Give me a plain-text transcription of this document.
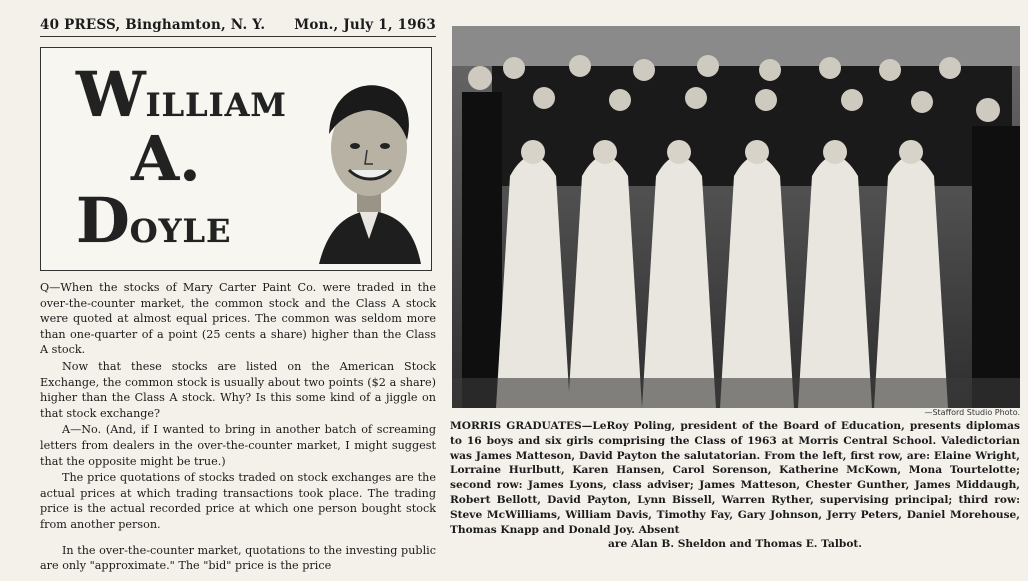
40 PRESS, Binghamton, N. Y. Mon., July 1, 1963
WILLIAM
A.
DOYLE

Q—When the stocks of Mary Carter Paint Co. were traded in the over-the-counter market, the common stock and the Class A stock were quoted at almost equal prices. The common was seldom more than one-quarter of a point (25 cents a share) higher than the Class A stock.

Now that these stocks are listed on the American Stock Exchange, the common stock is usually about two points ($2 a share) higher than the Class A stock. Why? Is this some kind of a jiggle on that stock exchange?

A—No. (And, if I wanted to bring in another batch of screaming letters from dealers in the over-the-counter market, I might suggest that the opposite might be true.)

The price quotations of stocks traded on stock exchanges are the actual prices at which trading transactions took place. The trading price is the actual recorded price at which one person bought stock from another person.

In the over-the-counter market, quotations to the investing public are only "approximate." The "bid" price is the price

—Stafford Studio Photo.
MORRIS GRADUATES—LeRoy Poling, president of the Board of Education, presents diplomas to 16 boys and six girls comprising the Class of 1963 at Morris Central School. Valedictorian was James Matteson, David Payton the salutatorian. From the left, first row, are: Elaine Wright, Lorraine Hurlbutt, Karen Hansen, Carol Sorenson, Katherine McKown, Mona Tourtelotte; second row: James Lyons, class adviser; James Matteson, Chester Gunther, James Middaugh, Robert Bellott, David Payton, Lynn Bissell, Warren Ryther, supervising principal; third row: Steve McWilliams, William Davis, Timothy Fay, Gary Johnson, Jerry Peters, Daniel Morehouse, Thomas Knapp and Donald Joy. Absent
are Alan B. Sheldon and Thomas E. Talbot.
